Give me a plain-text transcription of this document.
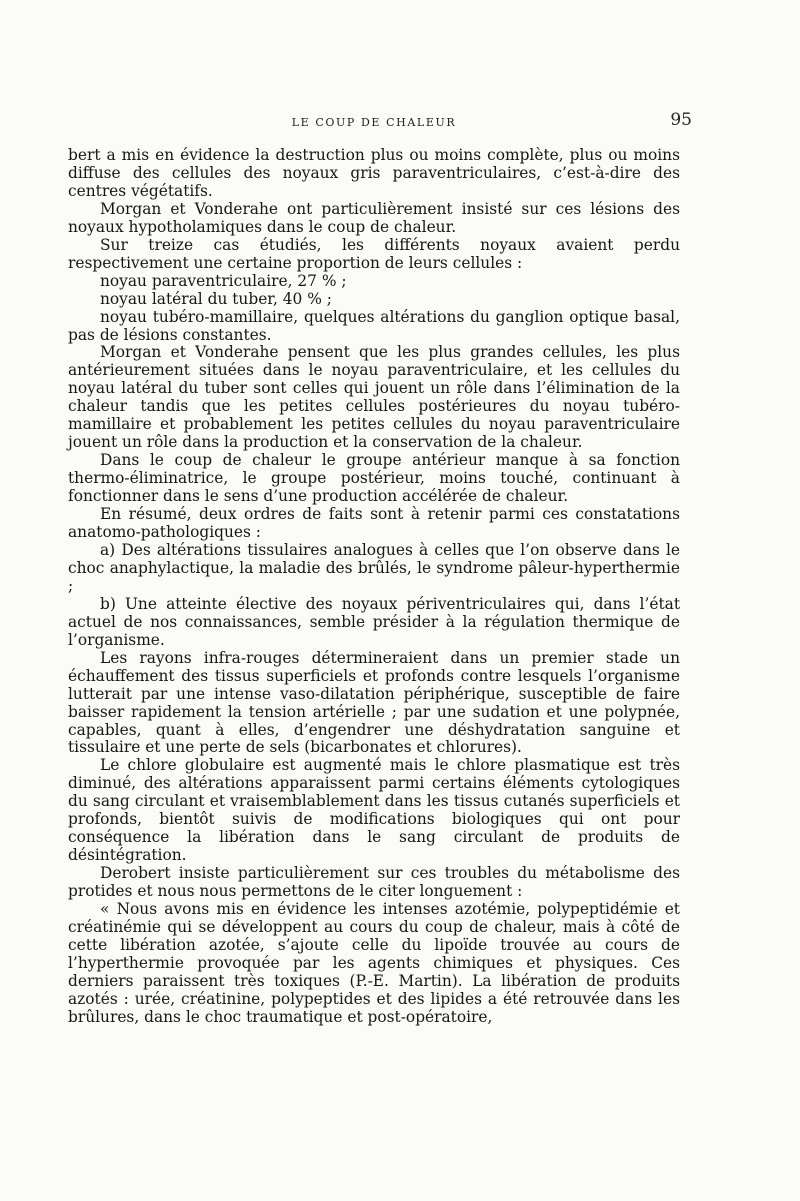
LE COUP DE CHALEUR	95

bert a mis en évidence la destruction plus ou moins complète, plus ou moins diffuse des cellules des noyaux gris paraventriculaires, c’est-à-dire des centres végétatifs.

Morgan et Vonderahe ont particulièrement insisté sur ces lésions des noyaux hypotholamiques dans le coup de chaleur.

Sur treize cas étudiés, les différents noyaux avaient perdu respectivement une certaine proportion de leurs cellules :

noyau paraventriculaire, 27 % ;

noyau latéral du tuber, 40 % ;

noyau tubéro-mamillaire, quelques altérations du ganglion optique basal, pas de lésions constantes.

Morgan et Vonderahe pensent que les plus grandes cellules, les plus antérieurement situées dans le noyau paraventriculaire, et les cellules du noyau latéral du tuber sont celles qui jouent un rôle dans l’élimination de la chaleur tandis que les petites cellules postérieures du noyau tubéro-mamillaire et probablement les petites cellules du noyau paraventriculaire jouent un rôle dans la production et la conservation de la chaleur.

Dans le coup de chaleur le groupe antérieur manque à sa fonction thermo-éliminatrice, le groupe postérieur, moins touché, continuant à fonctionner dans le sens d’une production accélérée de chaleur.

En résumé, deux ordres de faits sont à retenir parmi ces constatations anatomo-pathologiques :

a) Des altérations tissulaires analogues à celles que l’on observe dans le choc anaphylactique, la maladie des brûlés, le syndrome pâleur-hyperthermie ;

b) Une atteinte élective des noyaux périventriculaires qui, dans l’état actuel de nos connaissances, semble présider à la régulation thermique de l’organisme.

Les rayons infra-rouges détermineraient dans un premier stade un échauffement des tissus superficiels et profonds contre lesquels l’organisme lutterait par une intense vaso-dilatation périphérique, susceptible de faire baisser rapidement la tension artérielle ; par une sudation et une polypnée, capables, quant à elles, d’engendrer une déshydratation sanguine et tissulaire et une perte de sels (bicarbonates et chlorures).

Le chlore globulaire est augmenté mais le chlore plasmatique est très diminué, des altérations apparaissent parmi certains éléments cytologiques du sang circulant et vraisemblablement dans les tissus cutanés superficiels et profonds, bientôt suivis de modifications biologiques qui ont pour conséquence la libération dans le sang circulant de produits de désintégration.

Derobert insiste particulièrement sur ces troubles du métabolisme des protides et nous nous permettons de le citer longuement :

« Nous avons mis en évidence les intenses azotémie, polypeptidémie et créatinémie qui se développent au cours du coup de chaleur, mais à côté de cette libération azotée, s’ajoute celle du lipoïde trouvée au cours de l’hyperthermie provoquée par les agents chimiques et physiques. Ces derniers paraissent très toxiques (P.-E. Martin). La libération de produits azotés : urée, créatinine, polypeptides et des lipides a été retrouvée dans les brûlures, dans le choc traumatique et post-opératoire,
